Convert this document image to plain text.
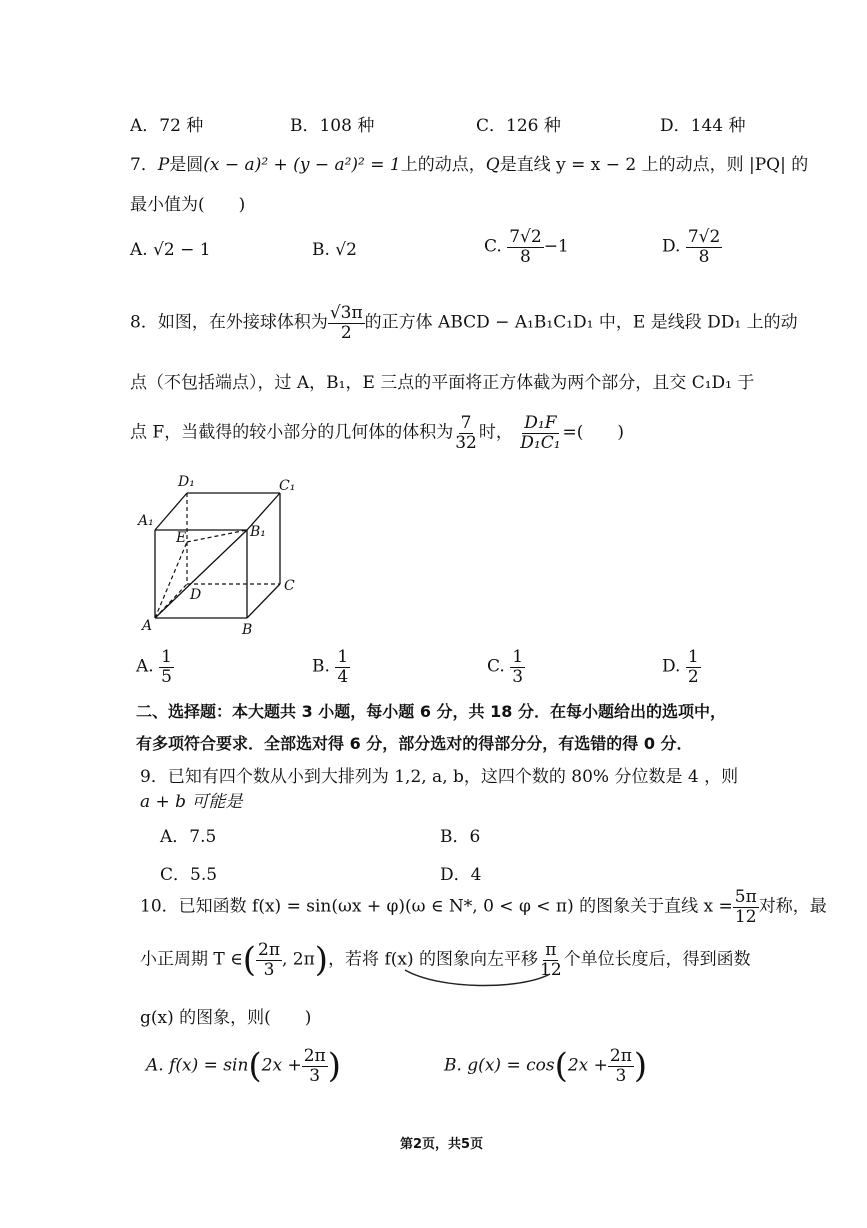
A．72 种	B．108 种	C．126 种	D．144 种
7．P是圆(x − a)² + (y − a²)² = 1上的动点，Q是直线 y = x − 2 上的动点，则 |PQ| 的
最小值为(　　)
A. √2 − 1	B. √2	C. $\frac{7√2}{8} -1$	D. $\frac{7√2}{8}$
8．如图，在外接球体积为 $\frac{√3\pi}{2}$ 的正方体 ABCD − A₁B₁C₁D₁ 中，E 是线段 DD₁ 上的动
点（不包括端点），过 A，B₁，E 三点的平面将正方体截为两个部分，且交 C₁D₁ 于
点 F，当截得的较小部分的几何体的体积为 $\frac{7}{32}$ 时， $\frac{\text{D₁F}}{\text{D₁C₁}}$ =(　　)
D₁	C₁
A₁
B₁
E
D
C
A	B
A. $\frac{1}{5}$	B. $\frac{1}{4}$	C. $\frac{1}{3}$	D. $\frac{1}{2}$
二、选择题：本大题共 3 小题，每小题 6 分，共 18 分．在每小题给出的选项中，
有多项符合要求．全部选对得 6 分，部分选对的得部分分，有选错的得 0 分．
9．已知有四个数从小到大排列为 1,2, a, b，这四个数的 80% 分位数是 4 ，则
a + b 可能是
A．7.5	B．6
C．5.5	D．4
10．已知函数 f(x) = sin(ωx + φ)(ω ∈ N*, 0 < φ < π) 的图象关于直线 $x = \frac{5\pi}{12}$ 对称，最
小正周期 T ∈( $\frac{2\pi}{3}$ , 2π)，若将 f(x) 的图象向左平移 $\frac{\pi}{12}$ 个单位长度后，得到函数
g(x) 的图象，则(　　)
A. $f(x) = \sin(2x + \frac{2\pi}{3}$ )	B. $g(x) = \cos(2x + \frac{2\pi}{3}$ )
第2页，共5页
